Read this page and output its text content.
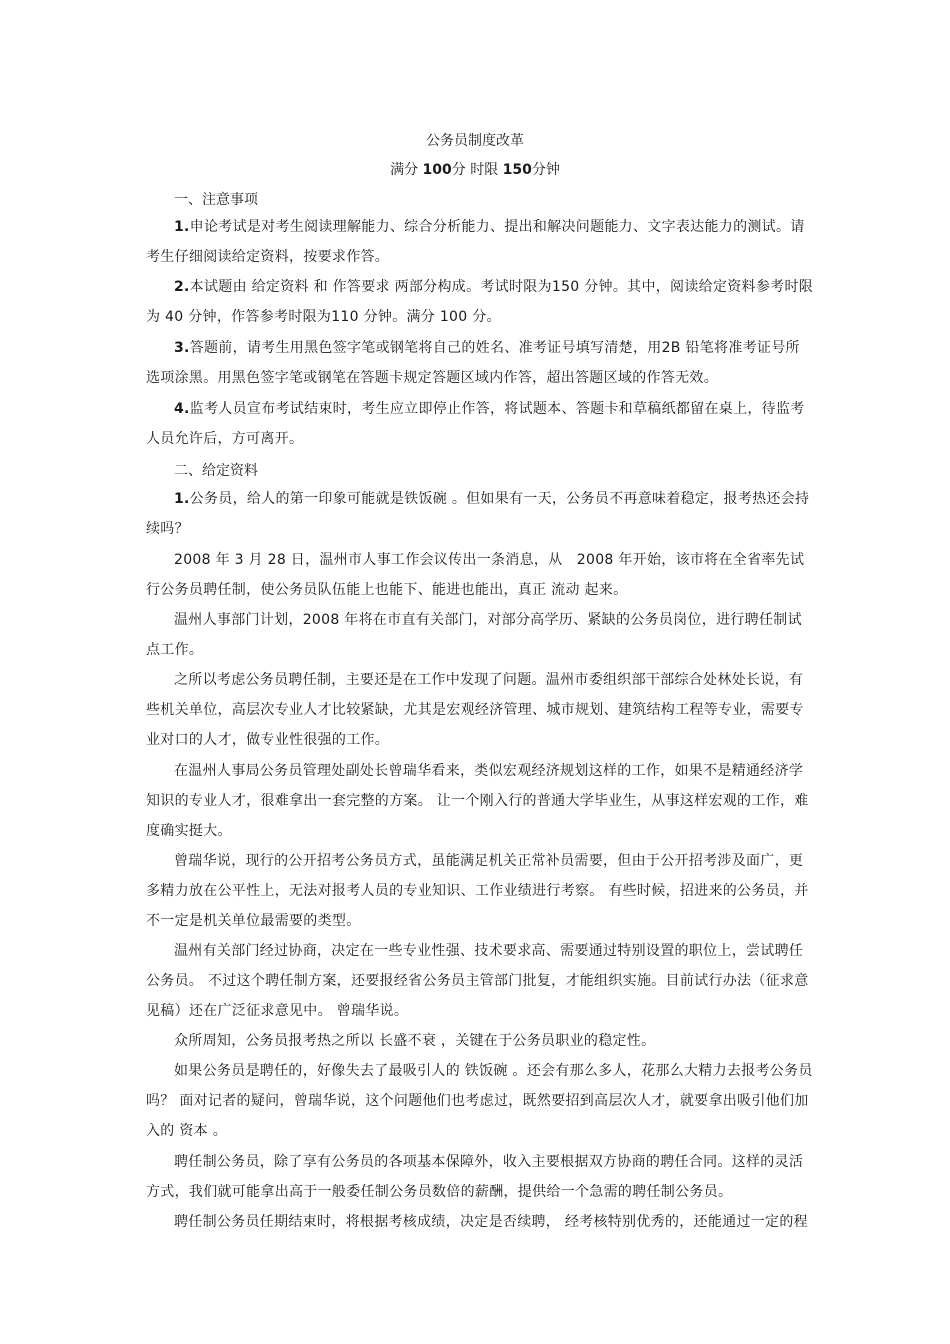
公务员制度改革
满分 100分 时限 150分钟
一、注意事项
1.申论考试是对考生阅读理解能力、综合分析能力、提出和解决问题能力、文字表达能力的测试。请考生仔细阅读给定资料，按要求作答。
2.本试题由 给定资料 和 作答要求 两部分构成。考试时限为150 分钟。其中，阅读给定资料参考时限为 40 分钟，作答参考时限为110 分钟。满分 100 分。
3.答题前，请考生用黑色签字笔或钢笔将自己的姓名、准考证号填写清楚，用2B 铅笔将准考证号所选项涂黑。用黑色签字笔或钢笔在答题卡规定答题区域内作答，超出答题区域的作答无效。
4.监考人员宣布考试结束时，考生应立即停止作答，将试题本、答题卡和草稿纸都留在桌上，待监考人员允许后，方可离开。
二、给定资料
1.公务员，给人的第一印象可能就是铁饭碗 。但如果有一天，公务员不再意味着稳定，报考热还会持续吗？
2008 年 3 月 28 日，温州市人事工作会议传出一条消息，从　2008 年开始，该市将在全省率先试行公务员聘任制，使公务员队伍能上也能下、能进也能出，真正 流动 起来。
温州人事部门计划，2008 年将在市直有关部门，对部分高学历、紧缺的公务员岗位，进行聘任制试点工作。
之所以考虑公务员聘任制，主要还是在工作中发现了问题。温州市委组织部干部综合处林处长说，有些机关单位，高层次专业人才比较紧缺，尤其是宏观经济管理、城市规划、建筑结构工程等专业，需要专业对口的人才，做专业性很强的工作。
在温州人事局公务员管理处副处长曾瑞华看来，类似宏观经济规划这样的工作，如果不是精通经济学知识的专业人才，很难拿出一套完整的方案。 让一个刚入行的普通大学毕业生，从事这样宏观的工作，难度确实挺大。
曾瑞华说，现行的公开招考公务员方式，虽能满足机关正常补员需要，但由于公开招考涉及面广，更多精力放在公平性上，无法对报考人员的专业知识、工作业绩进行考察。 有些时候，招进来的公务员，并不一定是机关单位最需要的类型。
温州有关部门经过协商，决定在一些专业性强、技术要求高、需要通过特别设置的职位上，尝试聘任公务员。 不过这个聘任制方案，还要报经省公务员主管部门批复，才能组织实施。目前试行办法（征求意见稿）还在广泛征求意见中。 曾瑞华说。
众所周知，公务员报考热之所以 长盛不衰 ，关键在于公务员职业的稳定性。
如果公务员是聘任的，好像失去了最吸引人的 铁饭碗 。还会有那么多人，花那么大精力去报考公务员吗？ 面对记者的疑问，曾瑞华说，这个问题他们也考虑过，既然要招到高层次人才，就要拿出吸引他们加入的 资本 。
聘任制公务员，除了享有公务员的各项基本保障外，收入主要根据双方协商的聘任合同。这样的灵活方式，我们就可能拿出高于一般委任制公务员数倍的薪酬，提供给一个急需的聘任制公务员。
聘任制公务员任期结束时，将根据考核成绩，决定是否续聘， 经考核特别优秀的，还能通过一定的程
